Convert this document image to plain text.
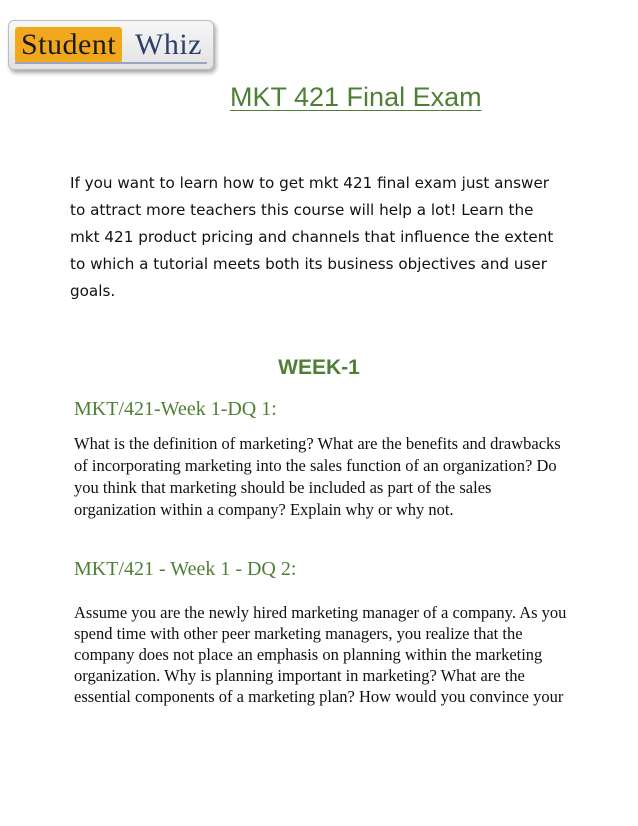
Student Whiz
MKT 421 Final Exam

If you want to learn how to get mkt 421 final exam just answer to attract more teachers this course will help a lot! Learn the mkt 421 product pricing and channels that influence the extent to which a tutorial meets both its business objectives and user goals.

WEEK-1
MKT/421-Week 1-DQ 1:

What is the definition of marketing? What are the benefits and drawbacks of incorporating marketing into the sales function of an organization? Do you think that marketing should be included as part of the sales organization within a company? Explain why or why not.

MKT/421 - Week 1 - DQ 2:

Assume you are the newly hired marketing manager of a company. As you spend time with other peer marketing managers, you realize that the company does not place an emphasis on planning within the marketing organization. Why is planning important in marketing? What are the essential components of a marketing plan? How would you convince your
